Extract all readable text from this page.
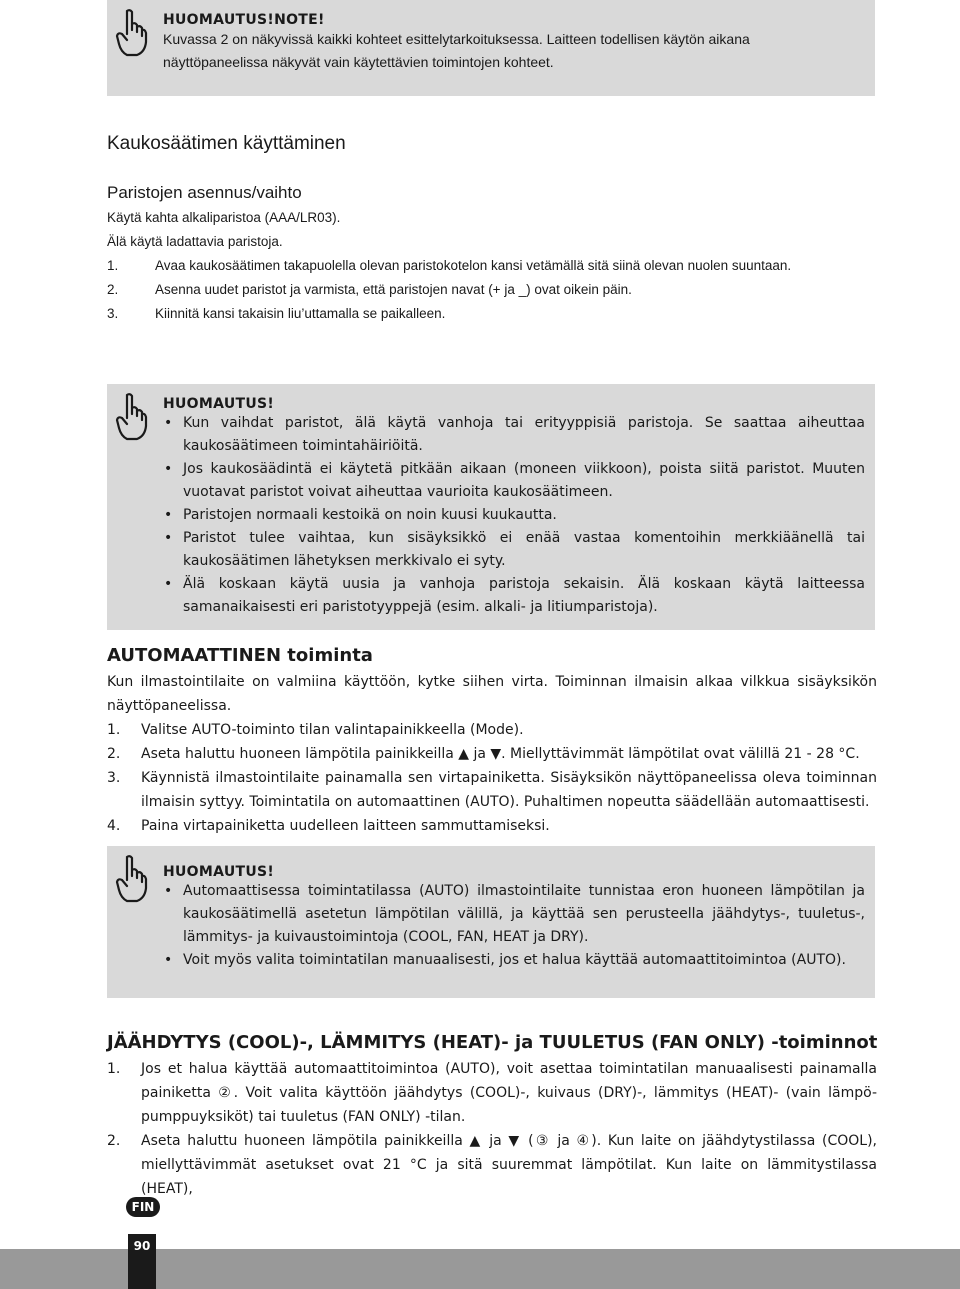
HUOMAUTUS!NOTE!
Kuvassa 2 on näkyvissä kaikki kohteet esittelytarkoituksessa. Laitteen todellisen käytön aikana
näyttöpaneelissa näkyvät vain käytettävien toimintojen kohteet.
Kaukosäätimen käyttäminen
Paristojen asennus/vaihto
Käytä kahta alkaliparistoa (AAA/LR03).
Älä käytä ladattavia paristoja.
1.	Avaa kaukosäätimen takapuolella olevan paristokotelon kansi vetämällä sitä siinä olevan nuolen suuntaan.
2.	Asenna uudet paristot ja varmista, että paristojen navat (+ ja _) ovat oikein päin.
3.	Kiinnitä kansi takaisin liu’uttamalla se paikalleen.
HUOMAUTUS!
• Kun vaihdat paristot, älä käytä vanhoja tai erityyppisiä paristoja. Se saattaa aiheuttaa kaukosäätimeen toimintahäiriöitä.
• Jos kaukosäädintä ei käytetä pitkään aikaan (moneen viikkoon), poista siitä paristot. Muuten vuotavat paristot voivat aiheuttaa vaurioita kaukosäätimeen.
• Paristojen normaali kestoikä on noin kuusi kuukautta.
• Paristot tulee vaihtaa, kun sisäyksikkö ei enää vastaa komentoihin merkkiäänellä tai kaukosäätimen lähetyksen merkkivalo ei syty.
• Älä koskaan käytä uusia ja vanhoja paristoja sekaisin. Älä koskaan käytä laitteessa samanaikaisesti eri paristotyyppejä (esim. alkali- ja litiumparistoja).
AUTOMAATTINEN toiminta
Kun ilmastointilaite on valmiina käyttöön, kytke siihen virta. Toiminnan ilmaisin alkaa vilkkua sisäyksikön näyttöpaneelissa.
1. Valitse AUTO-toiminto tilan valintapainikkeella (Mode).
2. Aseta haluttu huoneen lämpötila painikkeilla ▲ ja ▼. Miellyttävimmät lämpötilat ovat välillä 21 - 28 °C.
3. Käynnistä ilmastointilaite painamalla sen virtapainiketta. Sisäyksikön näyttöpaneelissa oleva toiminnan ilmaisin syttyy. Toimintatila on automaattinen (AUTO). Puhaltimen nopeutta säädellään automaattisesti.
4. Paina virtapainiketta uudelleen laitteen sammuttamiseksi.
HUOMAUTUS!
• Automaattisessa toimintatilassa (AUTO) ilmastointilaite tunnistaa eron huoneen lämpötilan ja kaukosäätimellä asetetun lämpötilan välillä, ja käyttää sen perusteella jäähdytys-, tuuletus-, lämmitys- ja kuivaustoimintoja (COOL, FAN, HEAT ja DRY).
• Voit myös valita toimintatilan manuaalisesti, jos et halua käyttää automaattitoimintoa (AUTO).
JÄÄHDYTYS (COOL)-, LÄMMITYS (HEAT)- ja TUULETUS (FAN ONLY) -toiminnot
1. Jos et halua käyttää automaattitoimintoa (AUTO), voit asettaa toimintatilan manuaalisesti painamalla painiketta ②. Voit valita käyttöön jäähdytys (COOL)-, kuivaus (DRY)-, lämmitys (HEAT)- (vain lämpö-pumppuyksiköt) tai tuuletus (FAN ONLY) -tilan.
2. Aseta haluttu huoneen lämpötila painikkeilla ▲ ja ▼ (③ ja ④). Kun laite on jäähdytystilassa (COOL), miellyttävimmät asetukset ovat 21 °C ja sitä suuremmat lämpötilat. Kun laite on lämmitystilassa (HEAT),
FIN
90
